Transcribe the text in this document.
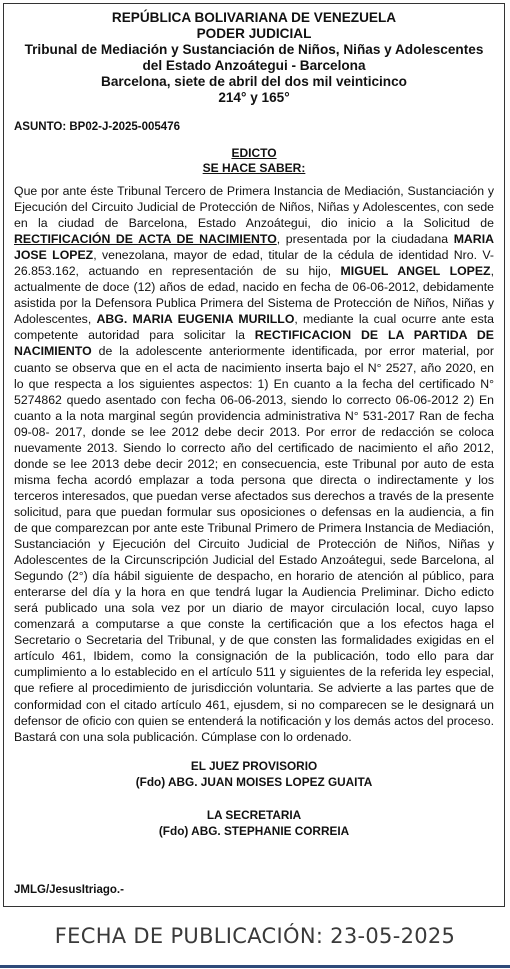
REPÚBLICA BOLIVARIANA DE VENEZUELA
PODER JUDICIAL
Tribunal de Mediación y Sustanciación de Niños, Niñas y Adolescentes
del Estado Anzoátegui - Barcelona
Barcelona, siete de abril del dos mil veinticinco
214° y 165°
ASUNTO: BP02-J-2025-005476
EDICTO
SE HACE SABER:
Que por ante éste Tribunal Tercero de Primera Instancia de Mediación, Sustanciación y Ejecución del Circuito Judicial de Protección de Niños, Niñas y Adolescentes, con sede en la ciudad de Barcelona, Estado Anzoátegui, dio inicio a la Solicitud de RECTIFICACIÓN DE ACTA DE NACIMIENTO, presentada por la ciudadana MARIA JOSE LOPEZ, venezolana, mayor de edad, titular de la cédula de identidad Nro. V-26.853.162, actuando en representación de su hijo, MIGUEL ANGEL LOPEZ, actualmente de doce (12) años de edad, nacido en fecha de 06-06-2012, debidamente asistida por la Defensora Publica Primera del Sistema de Protección de Niños, Niñas y Adolescentes, ABG. MARIA EUGENIA MURILLO, mediante la cual ocurre ante esta competente autoridad para solicitar la RECTIFICACION DE LA PARTIDA DE NACIMIENTO de la adolescente anteriormente identificada, por error material, por cuanto se observa que en el acta de nacimiento inserta bajo el N° 2527, año 2020, en lo que respecta a los siguientes aspectos: 1) En cuanto a la fecha del certificado N° 5274862 quedo asentado con fecha 06-06-2013, siendo lo correcto 06-06-2012 2) En cuanto a la nota marginal según providencia administrativa N° 531-2017 Ran de fecha 09-08- 2017, donde se lee 2012 debe decir 2013. Por error de redacción se coloca nuevamente 2013. Siendo lo correcto año del certificado de nacimiento el año 2012, donde se lee 2013 debe decir 2012; en consecuencia, este Tribunal por auto de esta misma fecha acordó emplazar a toda persona que directa o indirectamente y los terceros interesados, que puedan verse afectados sus derechos a través de la presente solicitud, para que puedan formular sus oposiciones o defensas en la audiencia, a fin de que comparezcan por ante este Tribunal Primero de Primera Instancia de Mediación, Sustanciación y Ejecución del Circuito Judicial de Protección de Niños, Niñas y Adolescentes de la Circunscripción Judicial del Estado Anzoátegui, sede Barcelona, al Segundo (2°) día hábil siguiente de despacho, en horario de atención al público, para enterarse del día y la hora en que tendrá lugar la Audiencia Preliminar. Dicho edicto será publicado una sola vez por un diario de mayor circulación local, cuyo lapso comenzará a computarse a que conste la certificación que a los efectos haga el Secretario o Secretaria del Tribunal, y de que consten las formalidades exigidas en el artículo 461, Ibidem, como la consignación de la publicación, todo ello para dar cumplimiento a lo establecido en el artículo 511 y siguientes de la referida ley especial, que refiere al procedimiento de jurisdicción voluntaria. Se advierte a las partes que de conformidad con el citado artículo 461, ejusdem, si no comparecen se le designará un defensor de oficio con quien se entenderá la notificación y los demás actos del proceso. Bastará con una sola publicación. Cúmplase con lo ordenado.
EL JUEZ PROVISORIO
(Fdo) ABG. JUAN MOISES LOPEZ GUAITA
LA SECRETARIA
(Fdo) ABG. STEPHANIE CORREIA
JMLG/JesusItriago.-
FECHA DE PUBLICACIÓN: 23-05-2025
